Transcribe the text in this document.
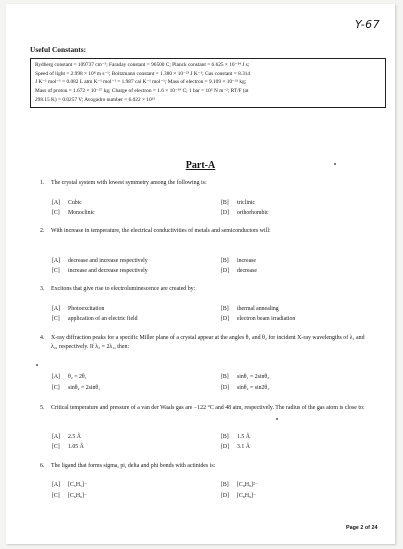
Y-67
Useful Constants:
Rydberg constant = 109737 cm⁻¹; Faraday constant = 96500 C; Planck constant = 6.625 × 10⁻³⁴ J s;
Speed of light = 2.998 × 10⁸ m s⁻¹; Boltzmann constant = 1.380 × 10⁻²³ J K⁻¹; Gas constant = 8.314
J K⁻¹ mol⁻¹ = 0.082 L atm K⁻¹ mol⁻¹ = 1.987 cal K⁻¹ mol⁻¹; Mass of electron = 9.109 × 10⁻³¹ kg;
Mass of proton = 1.672 × 10⁻²⁷ kg; Charge of electron = 1.6 × 10⁻¹⁹ C; 1 bar = 10⁵ N m⁻²; RT/F (at
298.15 K) = 0.0257 V; Avogadro number = 6.022 × 10²³
Part-A
1. The crystal system with lowest symmetry among the following is:
[A] Cubic	[B] triclinic
[C] Monoclinic	[D] orthorhombic
2. With increase in temperature, the electrical conductivities of metals and semiconductors will:
[A] decrease and increase respectively	[B] increase
[C] increase and decrease respectively	[D] decrease
3. Excitons that give rise to electroluminescence are created by:
[A] Photoexcitation	[B] thermal annealing
[C] application of an electric field	[D] electron beam irradiation
4. X-ray diffraction peaks for a specific Miller plane of a crystal appear at the angles θ₁ and θ₂ for incident X-ray wavelengths of λ₁ and λ₂, respectively. If λ₂ = 2λ₁, then:
[A] θ₂ = 2θ₁	[B] sinθ₁ = 2sinθ₂
[C] sinθ₂ = 2sinθ₁	[D] sinθ₂ = sin2θ₁
5. Critical temperature and pressure of a van der Waals gas are −122 °C and 48 atm, respectively. The radius of the gas atom is close to:
[A] 2.5 Å	[B] 1.5 Å
[C] 1.05 Å	[D] 3.1 Å
6. The ligand that forms sigma, pi, delta and phi bonds with actinides is:
[A] [C₅H₅]⁻	[B] [C₈H₈]²⁻
[C] [C₆H₆]⁻	[D] [C₈H₈]⁻
Page 2 of 24
